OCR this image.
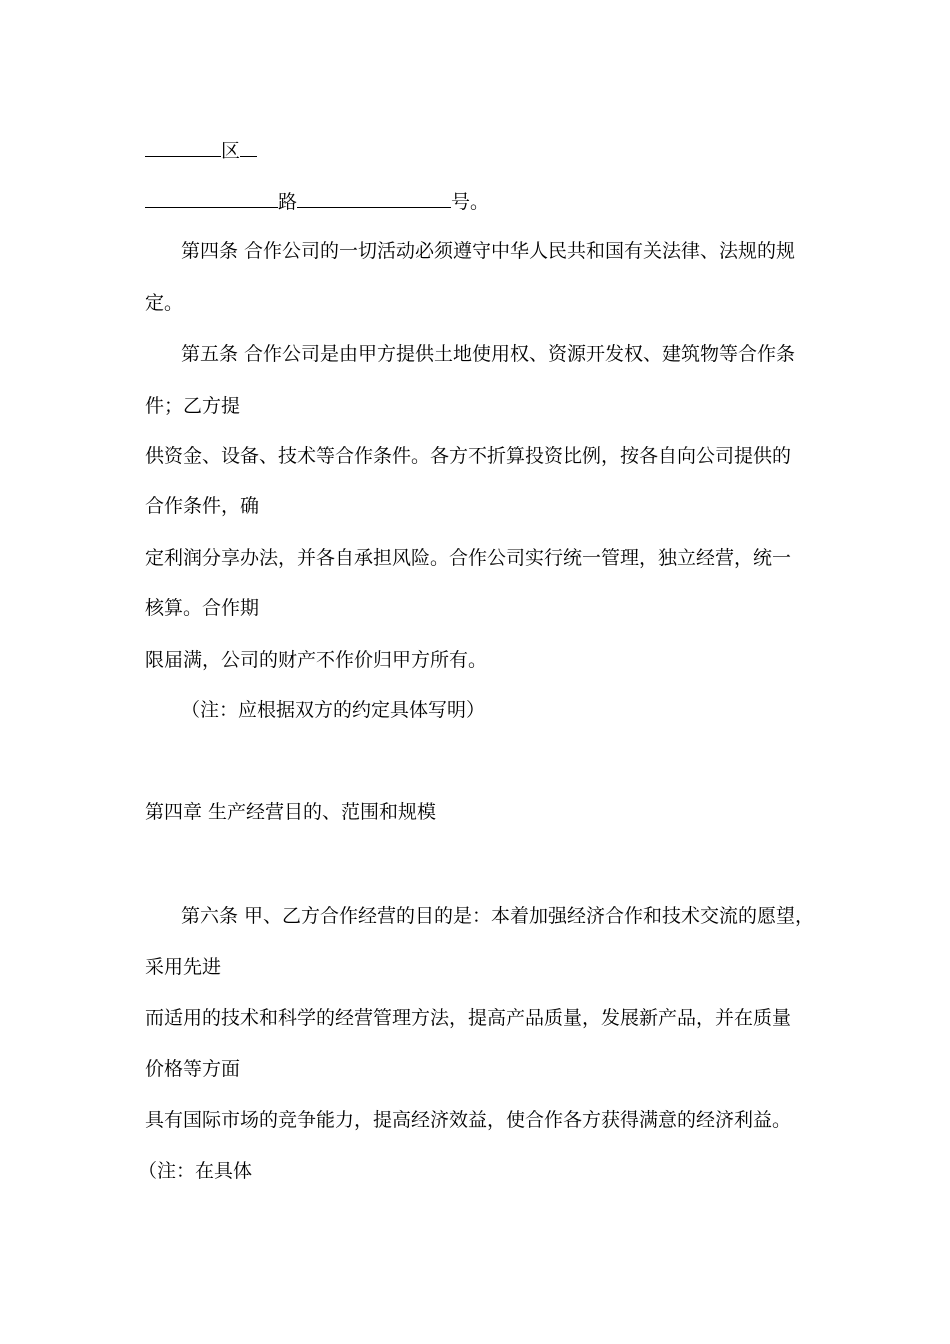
区
路	号。
第四条 合作公司的一切活动必须遵守中华人民共和国有关法律、法规的规
定。
第五条 合作公司是由甲方提供土地使用权、资源开发权、建筑物等合作条
件；乙方提
供资金、设备、技术等合作条件。各方不折算投资比例，按各自向公司提供的
合作条件，确
定利润分享办法，并各自承担风险。合作公司实行统一管理，独立经营，统一
核算。合作期
限届满，公司的财产不作价归甲方所有。
（注：应根据双方的约定具体写明）
第四章 生产经营目的、范围和规模
第六条 甲、乙方合作经营的目的是：本着加强经济合作和技术交流的愿望，
采用先进
而适用的技术和科学的经营管理方法，提高产品质量，发展新产品，并在质量
价格等方面
具有国际市场的竞争能力，提高经济效益，使合作各方获得满意的经济利益。
（注：在具体
